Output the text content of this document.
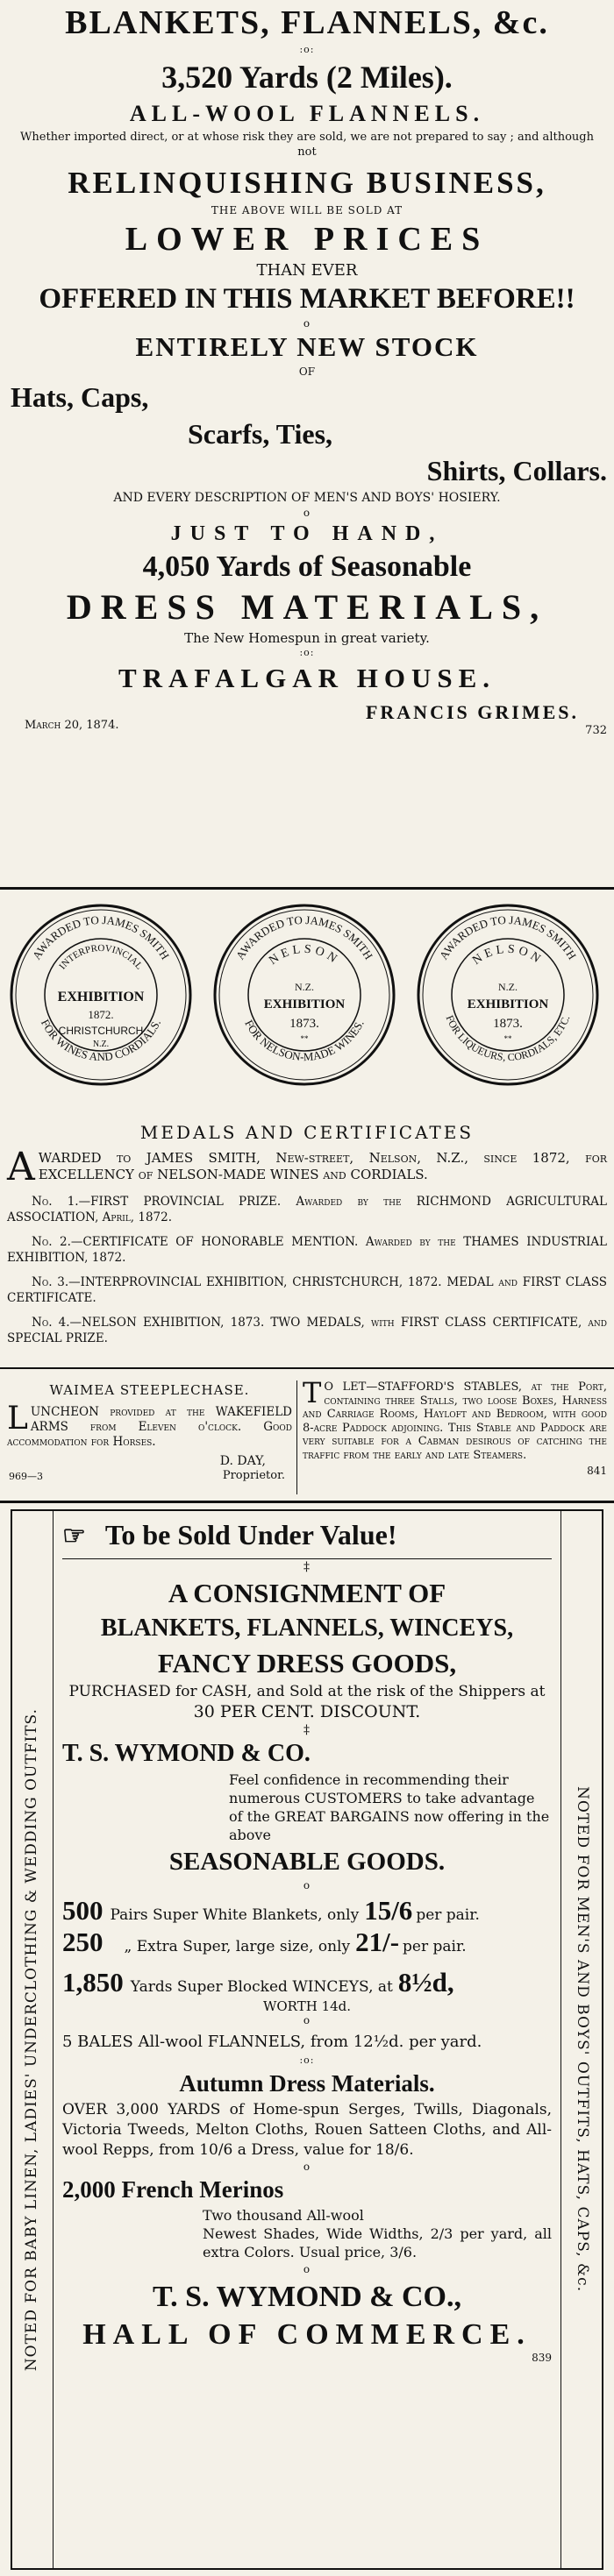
BLANKETS, FLANNELS, &c.
:o:
3,520 Yards (2 Miles).
ALL-WOOL FLANNELS.
Whether imported direct, or at whose risk they are sold, we are not prepared to say ; and although not
RELINQUISHING BUSINESS,
THE ABOVE WILL BE SOLD AT
LOWER PRICES
THAN EVER
OFFERED IN THIS MARKET BEFORE!!
o
ENTIRELY NEW STOCK
OF
Hats, Caps,
Scarfs, Ties,
Shirts, Collars.
AND EVERY DESCRIPTION OF MEN'S AND BOYS' HOSIERY.
o
JUST TO HAND,
4,050 Yards of Seasonable
DRESS MATERIALS,
The New Homespun in great variety.
:o:
TRAFALGAR HOUSE.
March 20, 1874.
FRANCIS GRIMES.
732
AWARDED TO JAMES SMITH
FOR WINES AND CORDIALS.
INTERPROVINCIAL
EXHIBITION
1872.
CHRISTCHURCH
N.Z.
AWARDED TO JAMES SMITH
FOR NELSON-MADE WINES.
NELSON
N.Z.
EXHIBITION
1873.
**
AWARDED TO JAMES SMITH
FOR LIQUEURS, CORDIALS, ETC.
NELSON
N.Z.
EXHIBITION
1873.
**
MEDALS AND CERTIFICATES
AWARDED to JAMES SMITH, New-street, Nelson, N.Z., since 1872, for EXCELLENCY of NELSON-MADE WINES and CORDIALS.
No. 1.—FIRST PROVINCIAL PRIZE. Awarded by the RICHMOND AGRICULTURAL ASSOCIATION, April, 1872.
No. 2.—CERTIFICATE OF HONORABLE MENTION. Awarded by the THAMES INDUSTRIAL EXHIBITION, 1872.
No. 3.—INTERPROVINCIAL EXHIBITION, CHRISTCHURCH, 1872. MEDAL and FIRST CLASS CERTIFICATE.
No. 4.—NELSON EXHIBITION, 1873. TWO MEDALS, with FIRST CLASS CERTIFICATE, and SPECIAL PRIZE.
WAIMEA STEEPLECHASE.
LUNCHEON provided at the WAKEFIELD ARMS from Eleven o'clock. Good accommodation for Horses.
D. DAY,
969—3	Proprietor.
T O LET—STAFFORD'S STABLES, at the Port, containing three Stalls, two loose Boxes, Harness and Carriage Rooms, Hayloft and Bedroom, with good 8-acre Paddock adjoining. This Stable and Paddock are very suitable for a Cabman desirous of catching the traffic from the early and late Steamers.
841
NOTED FOR BABY LINEN, LADIES' UNDERCLOTHING & WEDDING OUTFITS.	NOTED FOR MEN'S AND BOYS' OUTFITS, HATS, CAPS, &c.
☞ To be Sold Under Value!
‡
A CONSIGNMENT OF
BLANKETS, FLANNELS, WINCEYS,
FANCY DRESS GOODS,
PURCHASED for CASH, and Sold at the risk of the Shippers at
30 PER CENT. DISCOUNT.
‡
T. S. WYMOND & CO.
Feel confidence in recommending their numerous CUSTOMERS to take advantage of the GREAT BARGAINS now offering in the above
SEASONABLE GOODS.
o
500 Pairs Super White Blankets, only 15/6 per pair.
250 „ Extra Super, large size, only 21/- per pair.
1,850 Yards Super Blocked WINCEYS, at 8½d,
WORTH 14d.
o
5 BALES All-wool FLANNELS, from 12½d. per yard.
:o:
Autumn Dress Materials.
OVER 3,000 YARDS of Home-spun Serges, Twills, Diagonals, Victoria Tweeds, Melton Cloths, Rouen Satteen Cloths, and All-wool Repps, from 10/6 a Dress, value for 18/6.
o
2,000 French Merinos
Two thousand All-wool
Newest Shades, Wide Widths, 2/3 per yard, all extra Colors. Usual price, 3/6.
o
T. S. WYMOND & CO.,
HALL OF COMMERCE.
839
